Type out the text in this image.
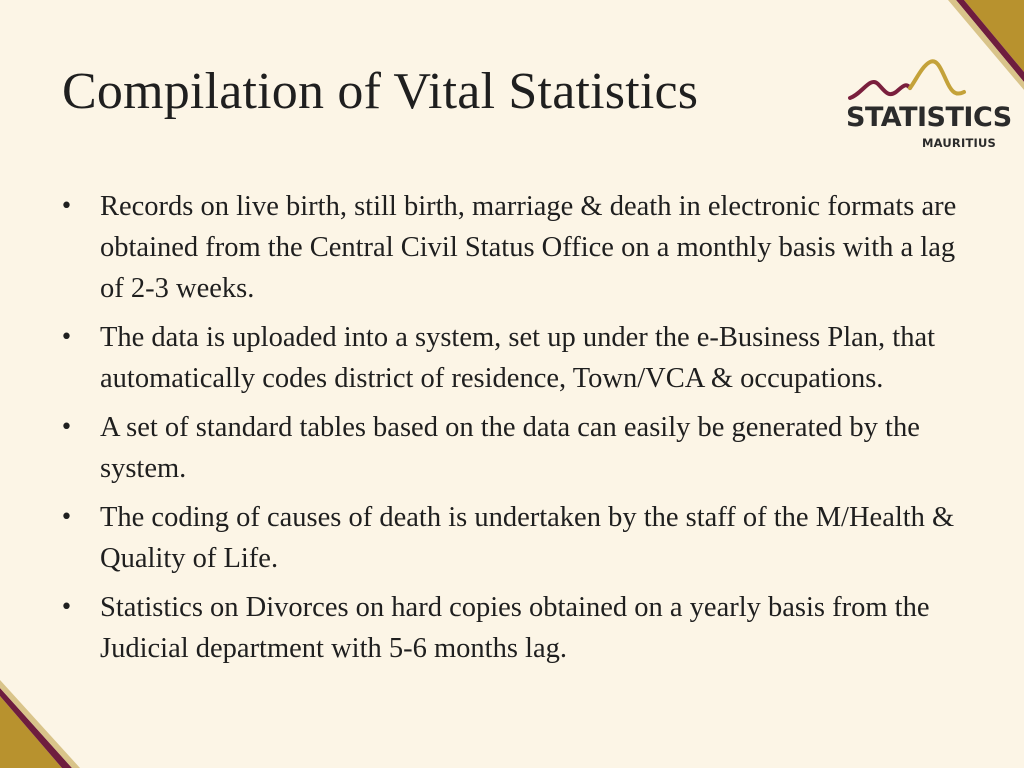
Compilation of Vital Statistics	STATISTICS
MAURITIUS
• Records on live birth, still birth, marriage & death in electronic formats are obtained from the Central Civil Status Office on a monthly basis with a lag of 2-3 weeks.
• The data is uploaded into a system, set up under the e-Business Plan, that automatically codes district of residence, Town/VCA & occupations.
• A set of standard tables based on the data can easily be generated by the system.
• The coding of causes of death is undertaken by the staff of the M/Health & Quality of Life.
• Statistics on Divorces on hard copies obtained on a yearly basis from the Judicial department with 5-6 months lag.
